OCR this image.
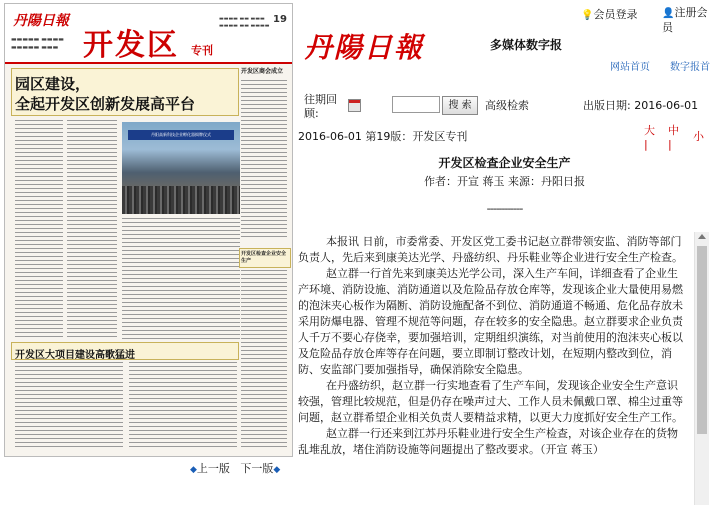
丹陽日報
▬▬▬▬▬ ▬▬▬▬ ▬▬▬▬▬ ▬▬▬ 开发区 专刊
▬▬▬▬ ▬▬ ▬▬▬ ▬▬▬▬ ▬▬ ▬▬▬▬
19
园区建设，
全起开发区创新发展高平台
开发区商会成立
丹阳高新科技企业孵化器揭牌仪式
开发区检查企业安全生产
开发区大项目建设高歌猛进
◆上一版 下一版◆
丹陽日報	多媒体数字报
💡会员登录 👤注册会员
网站首页 数字报首
往期回顾:
搜 索	高级检索	出版日期: 2016-06-01
2016-06-01 第19版：开发区专刊	大
|
中
|
小
开发区检查企业安全生产
作者：开宣 蒋玉 来源：丹阳日报
------------

本报讯 日前，市委常委、开发区党工委书记赵立群带领安监、消防等部门负责人，先后来到康美达光学、丹盛纺织、丹乐鞋业等企业进行安全生产检查。

赵立群一行首先来到康美达光学公司，深入生产车间，详细查看了企业生产环境、消防设施、消防通道以及危险品存放仓库等，发现该企业大量使用易燃的泡沫夹心板作为隔断、消防设施配备不到位、消防通道不畅通、危化品存放未采用防爆电器、管理不规范等问题，存在较多的安全隐患。赵立群要求企业负责人千万不要心存侥幸，要加强培训，定期组织演练，对当前使用的泡沫夹心板以及危险品存放仓库等存在问题，要立即制订整改计划，在短期内整改到位，消防、安监部门要加强指导，确保消除安全隐患。

在丹盛纺织，赵立群一行实地查看了生产车间，发现该企业安全生产意识较强，管理比较规范，但是仍存在噪声过大、工作人员未佩戴口罩、棉尘过重等问题，赵立群希望企业相关负责人要精益求精，以更大力度抓好安全生产工作。

赵立群一行还来到江苏丹乐鞋业进行安全生产检查，对该企业存在的货物乱堆乱放，堵住消防设施等问题提出了整改要求。（开宣 蒋玉）
